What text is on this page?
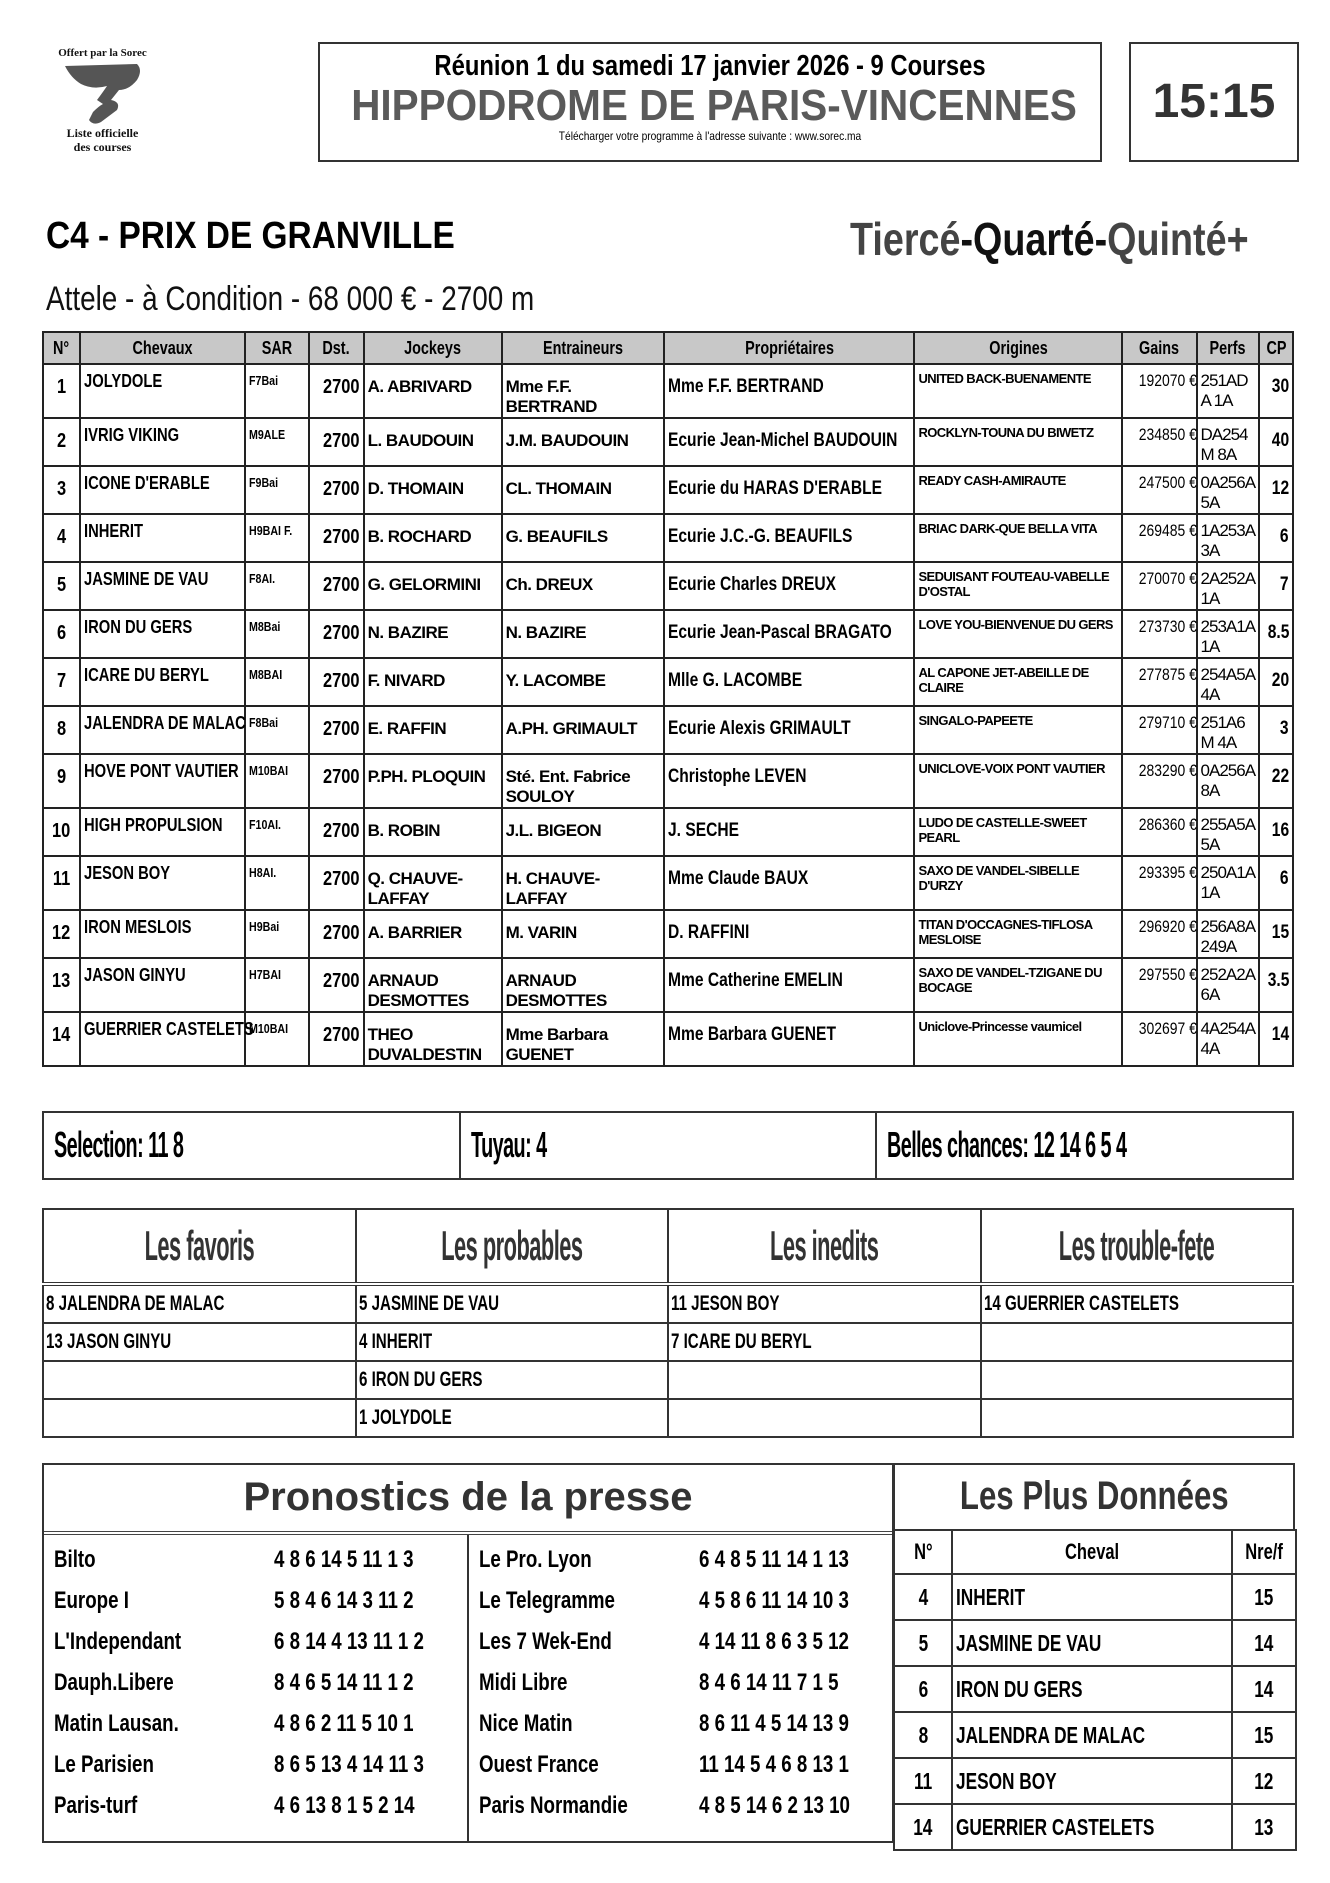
Offert par la Sorec
Liste officielle
des courses
Réunion 1 du samedi 17 janvier 2026 - 9 Courses
HIPPODROME DE PARIS-VINCENNES
Télécharger votre programme à l'adresse suivante : www.sorec.ma
15:15
C4 - PRIX DE GRANVILLE	Tiercé-Quarté-Quinté+
Attele - à Condition - 68 000 € - 2700 m
N°	Chevaux	SAR	Dst.	Jockeys	Entraineurs	Propriétaires	Origines	Gains	Perfs	CP
1	JOLYDOLE	F7Bai	2700	A. ABRIVARD	Mme F.F. BERTRAND	Mme F.F. BERTRAND	UNITED BACK-BUENAMENTE	192070 €	251ADA 1A	30
2	IVRIG VIKING	M9ALE	2700	L. BAUDOUIN	J.M. BAUDOUIN	Ecurie Jean-Michel BAUDOUIN	ROCKLYN-TOUNA DU BIWETZ	234850 €	DA254M 8A	40
3	ICONE D'ERABLE	F9Bai	2700	D. THOMAIN	CL. THOMAIN	Ecurie du HARAS D'ERABLE	READY CASH-AMIRAUTE	247500 €	0A256A 5A	12
4	INHERIT	H9BAI F.	2700	B. ROCHARD	G. BEAUFILS	Ecurie J.C.-G. BEAUFILS	BRIAC DARK-QUE BELLA VITA	269485 €	1A253A 3A	6
5	JASMINE DE VAU	F8AI.	2700	G. GELORMINI	Ch. DREUX	Ecurie Charles DREUX	SEDUISANT FOUTEAU-VABELLE D'OSTAL	270070 €	2A252A 1A	7
6	IRON DU GERS	M8Bai	2700	N. BAZIRE	N. BAZIRE	Ecurie Jean-Pascal BRAGATO	LOVE YOU-BIENVENUE DU GERS	273730 €	253A1A 1A	8.5
7	ICARE DU BERYL	M8BAI	2700	F. NIVARD	Y. LACOMBE	Mlle G. LACOMBE	AL CAPONE JET-ABEILLE DE CLAIRE	277875 €	254A5A 4A	20
8	JALENDRA DE MALAC	F8Bai	2700	E. RAFFIN	A.PH. GRIMAULT	Ecurie Alexis GRIMAULT	SINGALO-PAPEETE	279710 €	251A6M 4A	3
9	HOVE PONT VAUTIER	M10BAI	2700	P.PH. PLOQUIN	Sté. Ent. Fabrice SOULOY	Christophe LEVEN	UNICLOVE-VOIX PONT VAUTIER	283290 €	0A256A 8A	22
10	HIGH PROPULSION	F10AI.	2700	B. ROBIN	J.L. BIGEON	J. SECHE	LUDO DE CASTELLE-SWEET PEARL	286360 €	255A5A 5A	16
11	JESON BOY	H8AI.	2700	Q. CHAUVE-LAFFAY	H. CHAUVE-LAFFAY	Mme Claude BAUX	SAXO DE VANDEL-SIBELLE D'URZY	293395 €	250A1A 1A	6
12	IRON MESLOIS	H9Bai	2700	A. BARRIER	M. VARIN	D. RAFFINI	TITAN D'OCCAGNES-TIFLOSA MESLOISE	296920 €	256A8A 249A	15
13	JASON GINYU	H7BAI	2700	ARNAUD DESMOTTES	ARNAUD DESMOTTES	Mme Catherine EMELIN	SAXO DE VANDEL-TZIGANE DU BOCAGE	297550 €	252A2A 6A	3.5
14	GUERRIER CASTELETS	M10BAI	2700	THEO DUVALDESTIN	Mme Barbara GUENET	Mme Barbara GUENET	Uniclove-Princesse vaumicel	302697 €	4A254A 4A	14
Selection: 11 8	Tuyau: 4	Belles chances: 12 14 6 5 4
Les favoris	Les probables	Les inedits	Les trouble-fete
8 JALENDRA DE MALAC	5 JASMINE DE VAU	11 JESON BOY	14 GUERRIER CASTELETS
13 JASON GINYU	4 INHERIT	7 ICARE DU BERYL	
	6 IRON DU GERS		
	1 JOLYDOLE		
Pronostics de la presse
Bilto	4 8 6 14 5 11 1 3
Europe I	5 8 4 6 14 3 11 2
L'Independant	6 8 14 4 13 11 1 2
Dauph.Libere	8 4 6 5 14 11 1 2
Matin Lausan.	4 8 6 2 11 5 10 1
Le Parisien	8 6 5 13 4 14 11 3
Paris-turf	4 6 13 8 1 5 2 14
Le Pro. Lyon	6 4 8 5 11 14 1 13
Le Telegramme	4 5 8 6 11 14 10 3
Les 7 Wek-End	4 14 11 8 6 3 5 12
Midi Libre	8 4 6 14 11 7 1 5
Nice Matin	8 6 11 4 5 14 13 9
Ouest France	11 14 5 4 6 8 13 1
Paris Normandie	4 8 5 14 6 2 13 10
Les Plus Données
N°	Cheval	Nre/f
4	INHERIT	15
5	JASMINE DE VAU	14
6	IRON DU GERS	14
8	JALENDRA DE MALAC	15
11	JESON BOY	12
14	GUERRIER CASTELETS	13
